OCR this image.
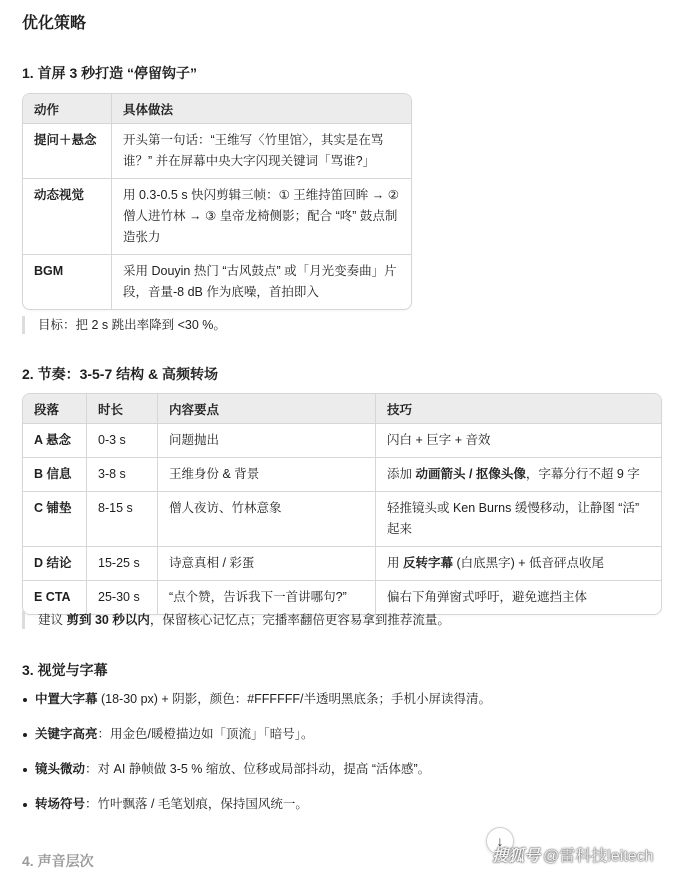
优化策略
1. 首屏 3 秒打造 “停留钩子”
动作	具体做法
提问＋悬念	开头第一句话：“王维写〈竹里馆〉，其实是在骂谁？” 并在屏幕中央大字闪现关键词「骂谁?」
动态视觉	用 0.3-0.5 s 快闪剪辑三帧：① 王维持笛回眸 → ② 僧人进竹林 → ③ 皇帝龙椅侧影；配合 “咚” 鼓点制造张力
BGM	采用 Douyin 热门 “古风鼓点” 或「月光变奏曲」片段，音量-8 dB 作为底噪，首拍即入
目标：把 2 s 跳出率降到 <30 %。
2. 节奏：3-5-7 结构 & 高频转场
段落	时长	内容要点	技巧
A 悬念	0-3 s	问题抛出	闪白 + 巨字 + 音效
B 信息	3-8 s	王维身份 & 背景	添加 动画箭头 / 抠像头像，字幕分行不超 9 字
C 铺垫	8-15 s	僧人夜访、竹林意象	轻推镜头或 Ken Burns 缓慢移动，让静图 “活” 起来
D 结论	15-25 s	诗意真相 / 彩蛋	用 反转字幕 (白底黑字) + 低音砰点收尾
E CTA	25-30 s	“点个赞，告诉我下一首讲哪句?”	偏右下角弹窗式呼吁，避免遮挡主体
建议 剪到 30 秒以内，保留核心记忆点；完播率翻倍更容易拿到推荐流量。
3. 视觉与字幕
中置大字幕 (18-30 px) + 阴影，颜色：#FFFFFF/半透明黑底条；手机小屏读得清。
关键字高亮：用金色/暖橙描边如「顶流」「暗号」。
镜头微动：对 AI 静帧做 3-5 % 缩放、位移或局部抖动，提高 “活体感”。
转场符号：竹叶飘落 / 毛笔划痕，保持国风统一。
4. 声音层次
↓
搜狐号 @雷科技leitech
